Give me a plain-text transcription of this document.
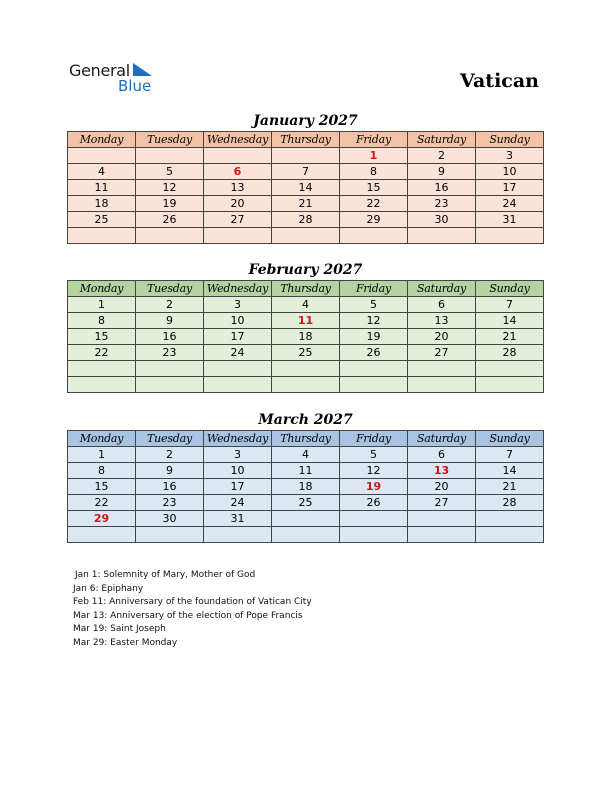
General
Blue	Vatican
January 2027
Monday	Tuesday	Wednesday	Thursday	Friday	Saturday	Sunday
				1	2	3
4	5	6	7	8	9	10
11	12	13	14	15	16	17
18	19	20	21	22	23	24
25	26	27	28	29	30	31

February 2027
Monday	Tuesday	Wednesday	Thursday	Friday	Saturday	Sunday
1	2	3	4	5	6	7
8	9	10	11	12	13	14
15	16	17	18	19	20	21
22	23	24	25	26	27	28

March 2027
Monday	Tuesday	Wednesday	Thursday	Friday	Saturday	Sunday
1	2	3	4	5	6	7
8	9	10	11	12	13	14
15	16	17	18	19	20	21
22	23	24	25	26	27	28
29	30	31				

Jan 1: Solemnity of Mary, Mother of God
Jan 6: Epiphany
Feb 11: Anniversary of the foundation of Vatican City
Mar 13: Anniversary of the election of Pope Francis
Mar 19: Saint Joseph
Mar 29: Easter Monday
